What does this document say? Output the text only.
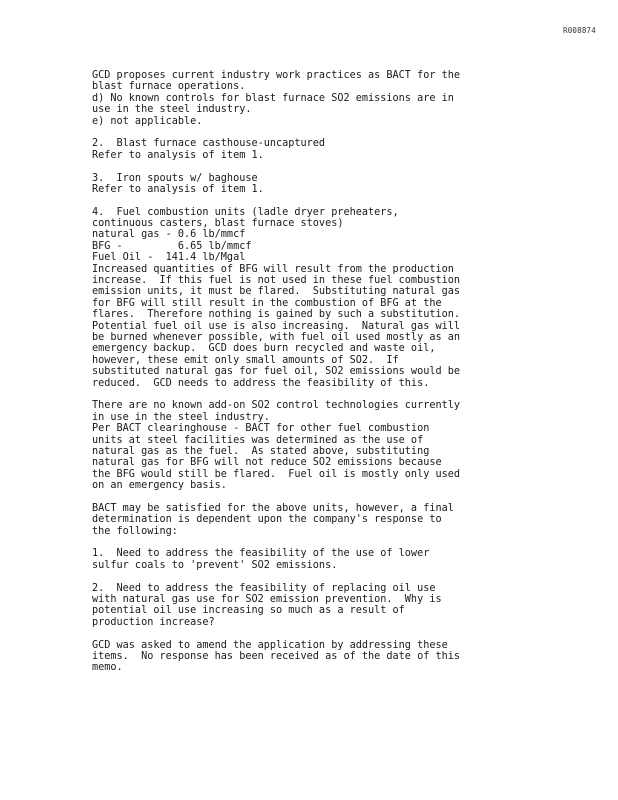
R008874
GCD proposes current industry work practices as BACT for the
blast furnace operations.
d) No known controls for blast furnace SO2 emissions are in
use in the steel industry.
e) not applicable.
2.  Blast furnace casthouse-uncaptured
Refer to analysis of item 1.
3.  Iron spouts w/ baghouse
Refer to analysis of item 1.
4.  Fuel combustion units (ladle dryer preheaters,
continuous casters, blast furnace stoves)
natural gas - 0.6 lb/mmcf
BFG -         6.65 lb/mmcf
Fuel Oil -  141.4 lb/Mgal
Increased quantities of BFG will result from the production
increase.  If this fuel is not used in these fuel combustion
emission units, it must be flared.  Substituting natural gas
for BFG will still result in the combustion of BFG at the
flares.  Therefore nothing is gained by such a substitution.
Potential fuel oil use is also increasing.  Natural gas will
be burned whenever possible, with fuel oil used mostly as an
emergency backup.  GCD does burn recycled and waste oil,
however, these emit only small amounts of SO2.  If
substituted natural gas for fuel oil, SO2 emissions would be
reduced.  GCD needs to address the feasibility of this.
There are no known add-on SO2 control technologies currently
in use in the steel industry.
Per BACT clearinghouse - BACT for other fuel combustion
units at steel facilities was determined as the use of
natural gas as the fuel.  As stated above, substituting
natural gas for BFG will not reduce SO2 emissions because
the BFG would still be flared.  Fuel oil is mostly only used
on an emergency basis.
BACT may be satisfied for the above units, however, a final
determination is dependent upon the company's response to
the following:
1.  Need to address the feasibility of the use of lower
sulfur coals to 'prevent' SO2 emissions.
2.  Need to address the feasibility of replacing oil use
with natural gas use for SO2 emission prevention.  Why is
potential oil use increasing so much as a result of
production increase?
GCD was asked to amend the application by addressing these
items.  No response has been received as of the date of this
memo.
